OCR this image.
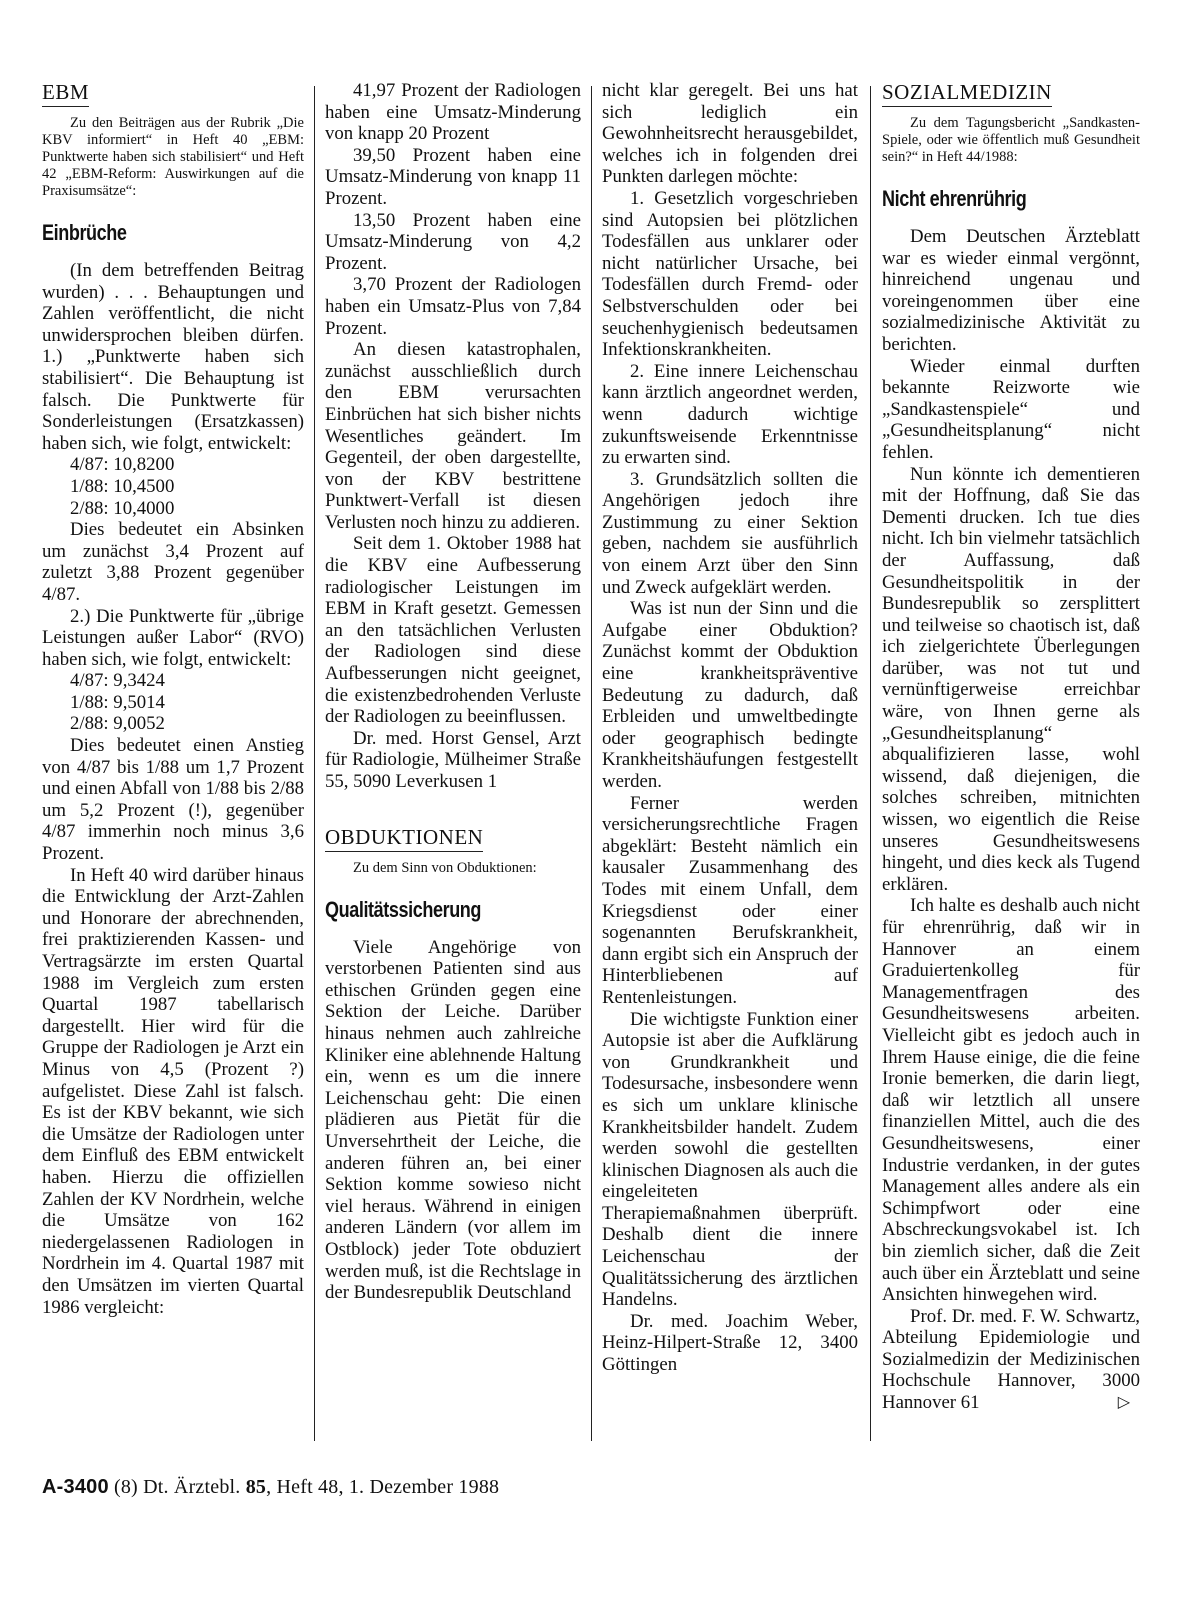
EBM

Zu den Beiträgen aus der Rubrik „Die KBV informiert“ in Heft 40 „EBM: Punktwerte haben sich stabilisiert“ und Heft 42 „EBM-Reform: Auswirkungen auf die Praxisumsätze“:

Einbrüche

(In dem betreffenden Beitrag wurden) . . . Behauptungen und Zahlen veröffentlicht, die nicht unwidersprochen bleiben dürfen. 1.) „Punktwerte haben sich stabilisiert“. Die Behauptung ist falsch. Die Punktwerte für Sonderleistungen (Ersatzkassen) haben sich, wie folgt, entwickelt:

4/87: 10,8200
1/88: 10,4500
2/88: 10,4000

Dies bedeutet ein Absinken um zunächst 3,4 Prozent auf zuletzt 3,88 Prozent gegenüber 4/87.

2.) Die Punktwerte für „übrige Leistungen außer Labor“ (RVO) haben sich, wie folgt, entwickelt:

4/87: 9,3424
1/88: 9,5014
2/88: 9,0052

Dies bedeutet einen Anstieg von 4/87 bis 1/88 um 1,7 Prozent und einen Abfall von 1/88 bis 2/88 um 5,2 Prozent (!), gegenüber 4/87 immerhin noch minus 3,6 Prozent.

In Heft 40 wird darüber hinaus die Entwicklung der Arzt-Zahlen und Honorare der abrechnenden, frei praktizierenden Kassen- und Vertragsärzte im ersten Quartal 1988 im Vergleich zum ersten Quartal 1987 tabellarisch dargestellt. Hier wird für die Gruppe der Radiologen je Arzt ein Minus von 4,5 (Prozent ?) aufgelistet. Diese Zahl ist falsch. Es ist der KBV bekannt, wie sich die Umsätze der Radiologen unter dem Einfluß des EBM entwickelt haben. Hierzu die offiziellen Zahlen der KV Nordrhein, welche die Umsätze von 162 niedergelassenen Radiologen in Nordrhein im 4. Quartal 1987 mit den Umsätzen im vierten Quartal 1986 vergleicht:

41,97 Prozent der Radiologen haben eine Umsatz-Minderung von knapp 20 Prozent

39,50 Prozent haben eine Umsatz-Minderung von knapp 11 Prozent.

13,50 Prozent haben eine Umsatz-Minderung von 4,2 Prozent.

3,70 Prozent der Radiologen haben ein Umsatz-Plus von 7,84 Prozent.

An diesen katastrophalen, zunächst ausschließlich durch den EBM verursachten Einbrüchen hat sich bisher nichts Wesentliches geändert. Im Gegenteil, der oben dargestellte, von der KBV bestrittene Punktwert-Verfall ist diesen Verlusten noch hinzu zu addieren.

Seit dem 1. Oktober 1988 hat die KBV eine Aufbesserung radiologischer Leistungen im EBM in Kraft gesetzt. Gemessen an den tatsächlichen Verlusten der Radiologen sind diese Aufbesserungen nicht geeignet, die existenzbedrohenden Verluste der Radiologen zu beeinflussen.

Dr. med. Horst Gensel, Arzt für Radiologie, Mülheimer Straße 55, 5090 Leverkusen 1

OBDUKTIONEN

Zu dem Sinn von Obduktionen:

Qualitätssicherung

Viele Angehörige von verstorbenen Patienten sind aus ethischen Gründen gegen eine Sektion der Leiche. Darüber hinaus nehmen auch zahlreiche Kliniker eine ablehnende Haltung ein, wenn es um die innere Leichenschau geht: Die einen plädieren aus Pietät für die Unversehrtheit der Leiche, die anderen führen an, bei einer Sektion komme sowieso nicht viel heraus. Während in einigen anderen Ländern (vor allem im Ostblock) jeder Tote obduziert werden muß, ist die Rechtslage in der Bundesrepublik Deutschland

nicht klar geregelt. Bei uns hat sich lediglich ein Gewohnheitsrecht herausgebildet, welches ich in folgenden drei Punkten darlegen möchte:

1. Gesetzlich vorgeschrieben sind Autopsien bei plötzlichen Todesfällen aus unklarer oder nicht natürlicher Ursache, bei Todesfällen durch Fremd- oder Selbstverschulden oder bei seuchenhygienisch bedeutsamen Infektionskrankheiten.

2. Eine innere Leichenschau kann ärztlich angeordnet werden, wenn dadurch wichtige zukunftsweisende Erkenntnisse zu erwarten sind.

3. Grundsätzlich sollten die Angehörigen jedoch ihre Zustimmung zu einer Sektion geben, nachdem sie ausführlich von einem Arzt über den Sinn und Zweck aufgeklärt werden.

Was ist nun der Sinn und die Aufgabe einer Obduktion? Zunächst kommt der Obduktion eine krankheitspräventive Bedeutung zu dadurch, daß Erbleiden und umweltbedingte oder geographisch bedingte Krankheitshäufungen festgestellt werden.

Ferner werden versicherungsrechtliche Fragen abgeklärt: Besteht nämlich ein kausaler Zusammenhang des Todes mit einem Unfall, dem Kriegsdienst oder einer sogenannten Berufskrankheit, dann ergibt sich ein Anspruch der Hinterbliebenen auf Rentenleistungen.

Die wichtigste Funktion einer Autopsie ist aber die Aufklärung von Grundkrankheit und Todesursache, insbesondere wenn es sich um unklare klinische Krankheitsbilder handelt. Zudem werden sowohl die gestellten klinischen Diagnosen als auch die eingeleiteten Therapiemaßnahmen überprüft. Deshalb dient die innere Leichenschau der Qualitätssicherung des ärztlichen Handelns.

Dr. med. Joachim Weber, Heinz-Hilpert-Straße 12, 3400 Göttingen

SOZIALMEDIZIN

Zu dem Tagungsbericht „Sandkasten-Spiele, oder wie öffentlich muß Gesundheit sein?“ in Heft 44/1988:

Nicht ehrenrührig

Dem Deutschen Ärzteblatt war es wieder einmal vergönnt, hinreichend ungenau und voreingenommen über eine sozialmedizinische Aktivität zu berichten.

Wieder einmal durften bekannte Reizworte wie „Sandkastenspiele“ und „Gesundheitsplanung“ nicht fehlen.

Nun könnte ich dementieren mit der Hoffnung, daß Sie das Dementi drucken. Ich tue dies nicht. Ich bin vielmehr tatsächlich der Auffassung, daß Gesundheitspolitik in der Bundesrepublik so zersplittert und teilweise so chaotisch ist, daß ich zielgerichtete Überlegungen darüber, was not tut und vernünftigerweise erreichbar wäre, von Ihnen gerne als „Gesundheitsplanung“ abqualifizieren lasse, wohl wissend, daß diejenigen, die solches schreiben, mitnichten wissen, wo eigentlich die Reise unseres Gesundheitswesens hingeht, und dies keck als Tugend erklären.

Ich halte es deshalb auch nicht für ehrenrührig, daß wir in Hannover an einem Graduiertenkolleg für Managementfragen des Gesundheitswesens arbeiten. Vielleicht gibt es jedoch auch in Ihrem Hause einige, die die feine Ironie bemerken, die darin liegt, daß wir letztlich all unsere finanziellen Mittel, auch die des Gesundheitswesens, einer Industrie verdanken, in der gutes Management alles andere als ein Schimpfwort oder eine Abschreckungsvokabel ist. Ich bin ziemlich sicher, daß die Zeit auch über ein Ärzteblatt und seine Ansichten hinwegehen wird.

Prof. Dr. med. F. W. Schwartz, Abteilung Epidemiologie und Sozialmedizin der Medizinischen Hochschule Hannover, 3000 Hannover 61	▷

A-3400 (8) Dt. Ärztebl. 85, Heft 48, 1. Dezember 1988
